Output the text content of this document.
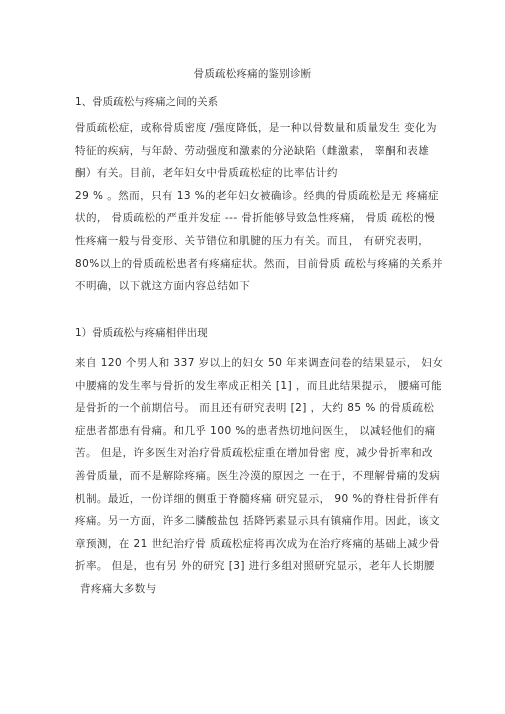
骨质疏松疼痛的鉴别诊断
1、骨质疏松与疼痛之间的关系
骨质疏松症，或称骨质密度 /强度降低，是一种以骨数量和质量发生 变化为
特征的疾病，与年龄、劳动强度和激素的分泌缺陷（雌激素， 睾酮和表雄
酮）有关。目前，老年妇女中骨质疏松症的比率估计约
29 % 。然而，只有 13 %的老年妇女被确诊。经典的骨质疏松是无 疼痛症
状的， 骨质疏松的严重并发症 --- 骨折能够导致急性疼痛， 骨质 疏松的慢
性疼痛一般与骨变形、关节错位和肌腱的压力有关。而且， 有研究表明，
80%以上的骨质疏松患者有疼痛症状。然而，目前骨质 疏松与疼痛的关系并
不明确，以下就这方面内容总结如下
1）骨质疏松与疼痛相伴出现
来自 120 个男人和 337 岁以上的妇女 50 年来调查问卷的结果显示， 妇女
中腰痛的发生率与骨折的发生率成正相关 [1] ，而且此结果提示， 腰痛可能
是骨折的一个前期信号。 而且还有研究表明 [2] ，大约 85 % 的骨质疏松
症患者都患有骨痛。和几乎 100 %的患者热切地问医生， 以减轻他们的痛
苦。 但是，许多医生对治疗骨质疏松症重在增加骨密 度，减少骨折率和改
善骨质量，而不是解除疼痛。医生冷漠的原因之 一在于，不理解骨痛的发病
机制。最近，一份详细的侧重于脊髓疼痛 研究显示， 90 %的脊柱骨折伴有
疼痛。另一方面，许多二膦酸盐包 括降钙素显示具有镇痛作用。因此，该文
章预测，在 21 世纪治疗骨 质疏松症将再次成为在治疗疼痛的基础上减少骨
折率。 但是，也有另 外的研究 [3] 进行多组对照研究显示，老年人长期腰
背疼痛大多数与
